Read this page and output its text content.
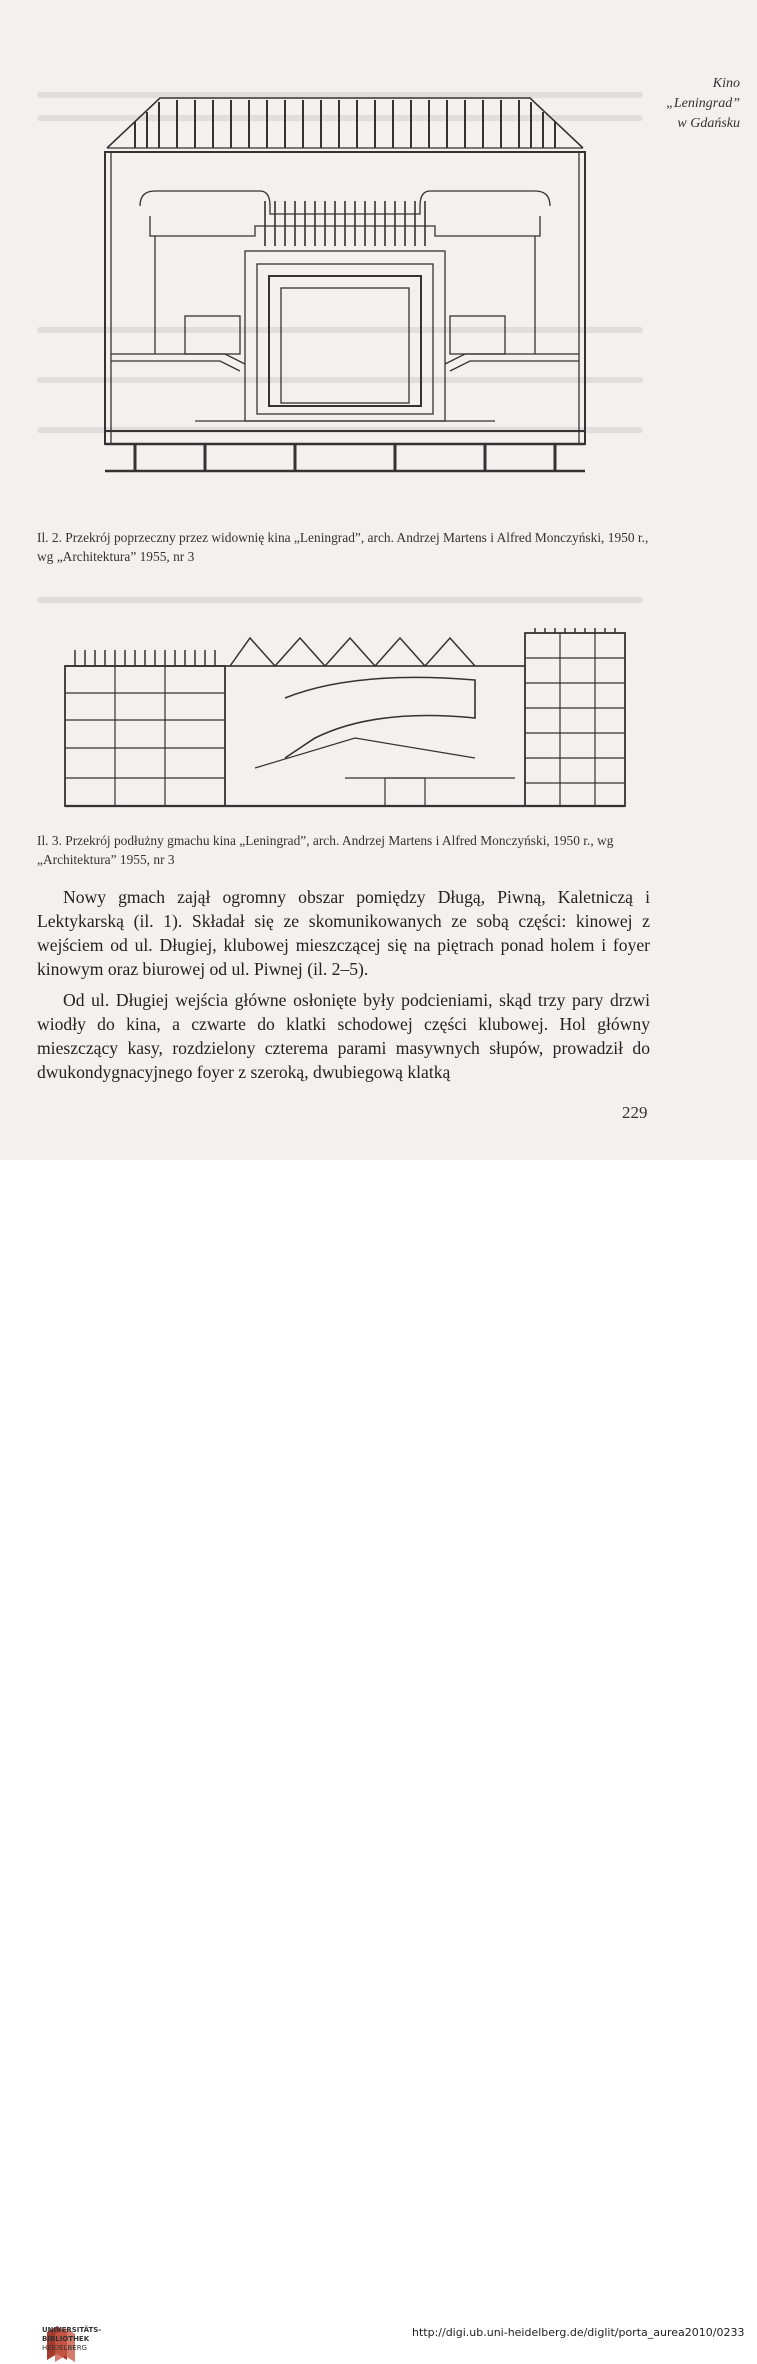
Kino
„Leningrad”
w Gdańsku
Il. 2. Przekrój poprzeczny przez widownię kina „Leningrad”, arch. Andrzej Martens i Alfred Monczyński, 1950 r., wg „Architektura” 1955, nr 3
Il. 3. Przekrój podłużny gmachu kina „Leningrad”, arch. Andrzej Martens i Alfred Monczyński, 1950 r., wg „Architektura” 1955, nr 3

Nowy gmach zajął ogromny obszar pomiędzy Długą, Piwną, Kaletniczą i Lektykarską (il. 1). Składał się ze skomunikowanych ze sobą części: kinowej z wejściem od ul. Długiej, klubowej mieszczącej się na piętrach ponad holem i foyer kinowym oraz biurowej od ul. Piwnej (il. 2–5).

Od ul. Długiej wejścia główne osłonięte były podcieniami, skąd trzy pary drzwi wiodły do kina, a czwarte do klatki schodowej części klubowej. Hol główny mieszczący kasy, rozdzielony czterema parami masywnych słupów, prowadził do dwukondygnacyjnego foyer z szeroką, dwubiegową klatką

229
UNIVERSITÄTS-
BIBLIOTHEK
HEIDELBERG
http://digi.ub.uni-heidelberg.de/diglit/porta_aurea2010/0233
